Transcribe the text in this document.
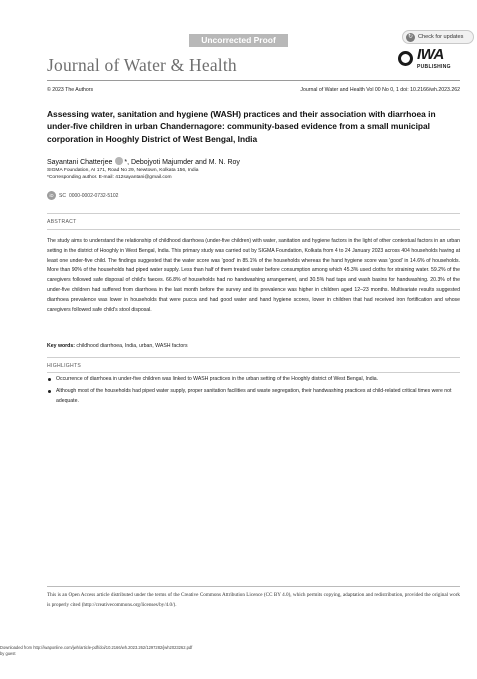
Uncorrected Proof	↻ Check for updates
Journal of Water & Health
IWA
PUBLISHING
© 2023 The Authors	Journal of Water and Health Vol 00 No 0, 1 doi: 10.2166/wh.2023.262
Assessing water, sanitation and hygiene (WASH) practices and their association with diarrhoea in under-five children in urban Chandernagore: community-based evidence from a small municipal corporation in Hooghly District of West Bengal, India
Sayantani Chatterjee *, Debojyoti Majumder and M. N. Roy
SIGMA Foundation, AI 171, Road No 29, Newtown, Kolkata 156, India
*Corresponding author. E-mail: 412sayantani@gmail.com
iD	SC 0000-0002-0732-5102
ABSTRACT
The study aims to understand the relationship of childhood diarrhoea (under-five children) with water, sanitation and hygiene factors in the light of other contextual factors in an urban setting in the district of Hooghly in West Bengal, India. This primary study was carried out by SIGMA Foundation, Kolkata from 4 to 24 January 2023 across 404 households having at least one under-five child. The findings suggested that the water score was 'good' in 85.1% of the households whereas the hand hygiene score was 'good' in 14.6% of households. More than 90% of the households had piped water supply. Less than half of them treated water before consumption among which 45.3% used cloths for straining water. 59.2% of the caregivers followed safe disposal of child's faeces. 66.8% of households had no handwashing arrangement, and 30.5% had taps and wash basins for handwashing. 20.3% of the under-five children had suffered from diarrhoea in the last month before the survey and its prevalence was higher in children aged 12–23 months. Multivariate results suggested diarrhoea prevalence was lower in households that were pucca and had good water and hand hygiene scores, lower in children that had received iron fortification and whose caregivers followed safe child's stool disposal.
Key words: childhood diarrhoea, India, urban, WASH factors
HIGHLIGHTS
Occurrence of diarrhoea in under-five children was linked to WASH practices in the urban setting of the Hooghly district of West Bengal, India.
Although most of the households had piped water supply, proper sanitation facilities and waste segregation, their handwashing practices at child-related critical times were not adequate.
This is an Open Access article distributed under the terms of the Creative Commons Attribution Licence (CC BY 4.0), which permits copying, adaptation and redistribution, provided the original work is properly cited (http://creativecommons.org/licenses/by/4.0/).
Downloaded from http://iwaponline.com/jwh/article-pdf/doi/10.2166/wh.2023.262/1297282/jwh2023262.pdf
by guest
